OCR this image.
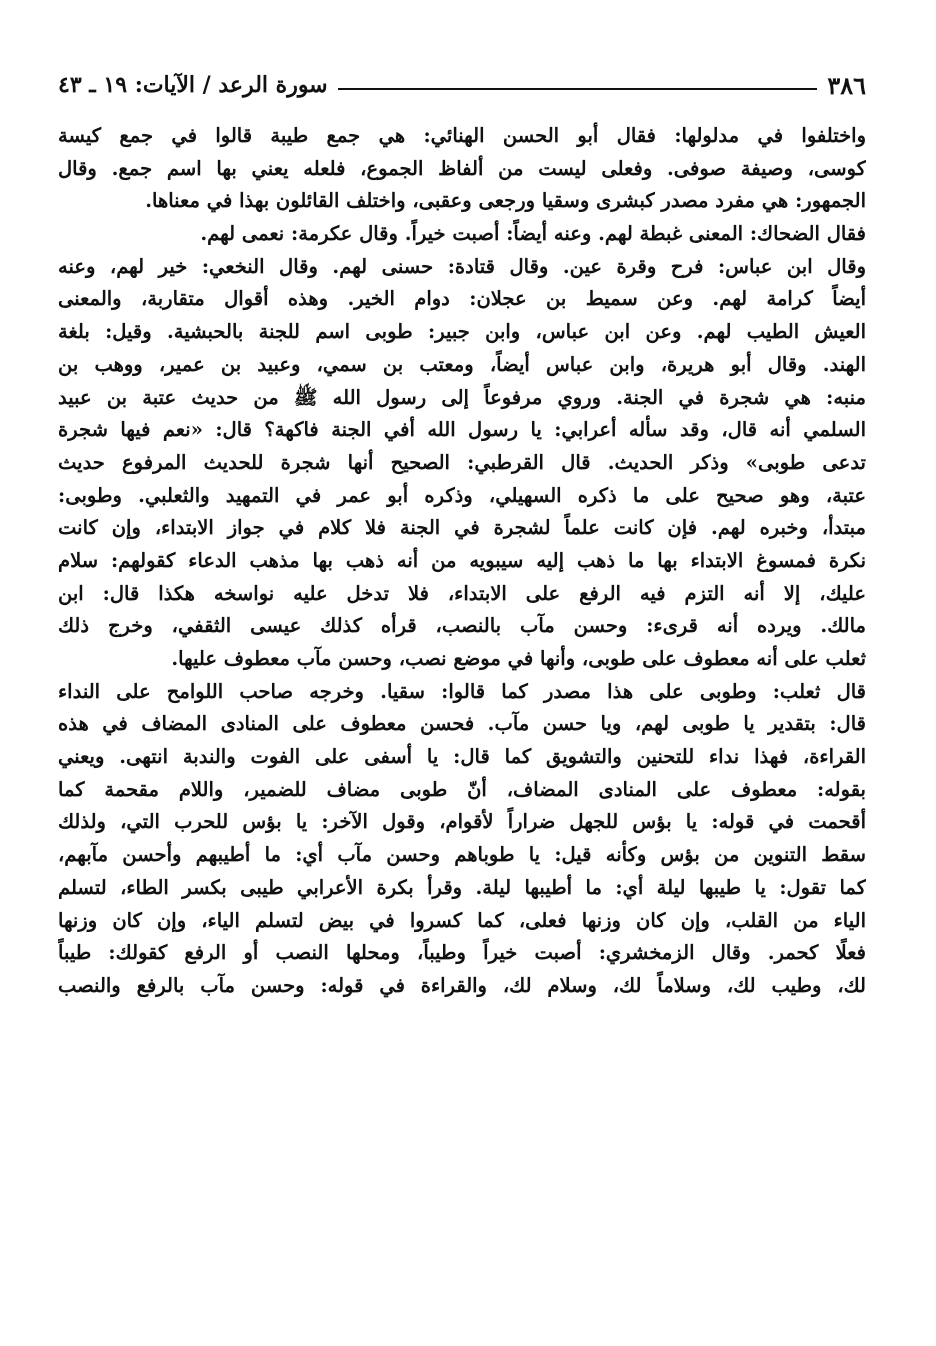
٣٨٦
سورة الرعد / الآيات: ١٩ ـ ٤٣
واختلفوا في مدلولها: فقال أبو الحسن الهنائي: هي جمع طيبة قالوا في جمع كيسة
كوسى، وصيفة صوفى. وفعلى ليست من ألفاظ الجموع، فلعله يعني بها اسم جمع. وقال
الجمهور: هي مفرد مصدر كبشرى وسقيا ورجعى وعقبى، واختلف القائلون بهذا في معناها.
فقال الضحاك: المعنى غبطة لهم. وعنه أيضاً: أصبت خيراً. وقال عكرمة: نعمى لهم.
وقال ابن عباس: فرح وقرة عين. وقال قتادة: حسنى لهم. وقال النخعي: خير لهم، وعنه
أيضاً كرامة لهم. وعن سميط بن عجلان: دوام الخير. وهذه أقوال متقاربة، والمعنى
العيش الطيب لهم. وعن ابن عباس، وابن جبير: طوبى اسم للجنة بالحبشية. وقيل: بلغة
الهند. وقال أبو هريرة، وابن عباس أيضاً، ومعتب بن سمي، وعبيد بن عمير، ووهب بن
منبه: هي شجرة في الجنة. وروي مرفوعاً إلى رسول الله ﷺ من حديث عتبة بن عبيد
السلمي أنه قال، وقد سأله أعرابي: يا رسول الله أفي الجنة فاكهة؟ قال: «نعم فيها شجرة
تدعى طوبى» وذكر الحديث. قال القرطبي: الصحيح أنها شجرة للحديث المرفوع حديث
عتبة، وهو صحيح على ما ذكره السهيلي، وذكره أبو عمر في التمهيد والثعلبي. وطوبى:
مبتدأ، وخبره لهم. فإن كانت علماً لشجرة في الجنة فلا كلام في جواز الابتداء، وإن كانت
نكرة فمسوغ الابتداء بها ما ذهب إليه سيبويه من أنه ذهب بها مذهب الدعاء كقولهم: سلام
عليك، إلا أنه التزم فيه الرفع على الابتداء، فلا تدخل عليه نواسخه هكذا قال: ابن
مالك. ويرده أنه قرىء: وحسن مآب بالنصب، قرأه كذلك عيسى الثقفي، وخرج ذلك
ثعلب على أنه معطوف على طوبى، وأنها في موضع نصب، وحسن مآب معطوف عليها.
قال ثعلب: وطوبى على هذا مصدر كما قالوا: سقيا. وخرجه صاحب اللوامح على النداء
قال: بتقدير يا طوبى لهم، ويا حسن مآب. فحسن معطوف على المنادى المضاف في هذه
القراءة، فهذا نداء للتحنين والتشويق كما قال: يا أسفى على الفوت والندبة انتهى. ويعني
بقوله: معطوف على المنادى المضاف، أنّ طوبى مضاف للضمير، واللام مقحمة كما
أقحمت في قوله: يا بؤس للجهل ضراراً لأقوام، وقول الآخر: يا بؤس للحرب التي، ولذلك
سقط التنوين من بؤس وكأنه قيل: يا طوباهم وحسن مآب أي: ما أطيبهم وأحسن مآبهم،
كما تقول: يا طيبها ليلة أي: ما أطيبها ليلة. وقرأ بكرة الأعرابي طيبى بكسر الطاء، لتسلم
الياء من القلب، وإن كان وزنها فعلى، كما كسروا في بيض لتسلم الياء، وإن كان وزنها
فعلًا كحمر. وقال الزمخشري: أصبت خيراً وطيباً، ومحلها النصب أو الرفع كقولك: طيباً
لك، وطيب لك، وسلاماً لك، وسلام لك، والقراءة في قوله: وحسن مآب بالرفع والنصب
